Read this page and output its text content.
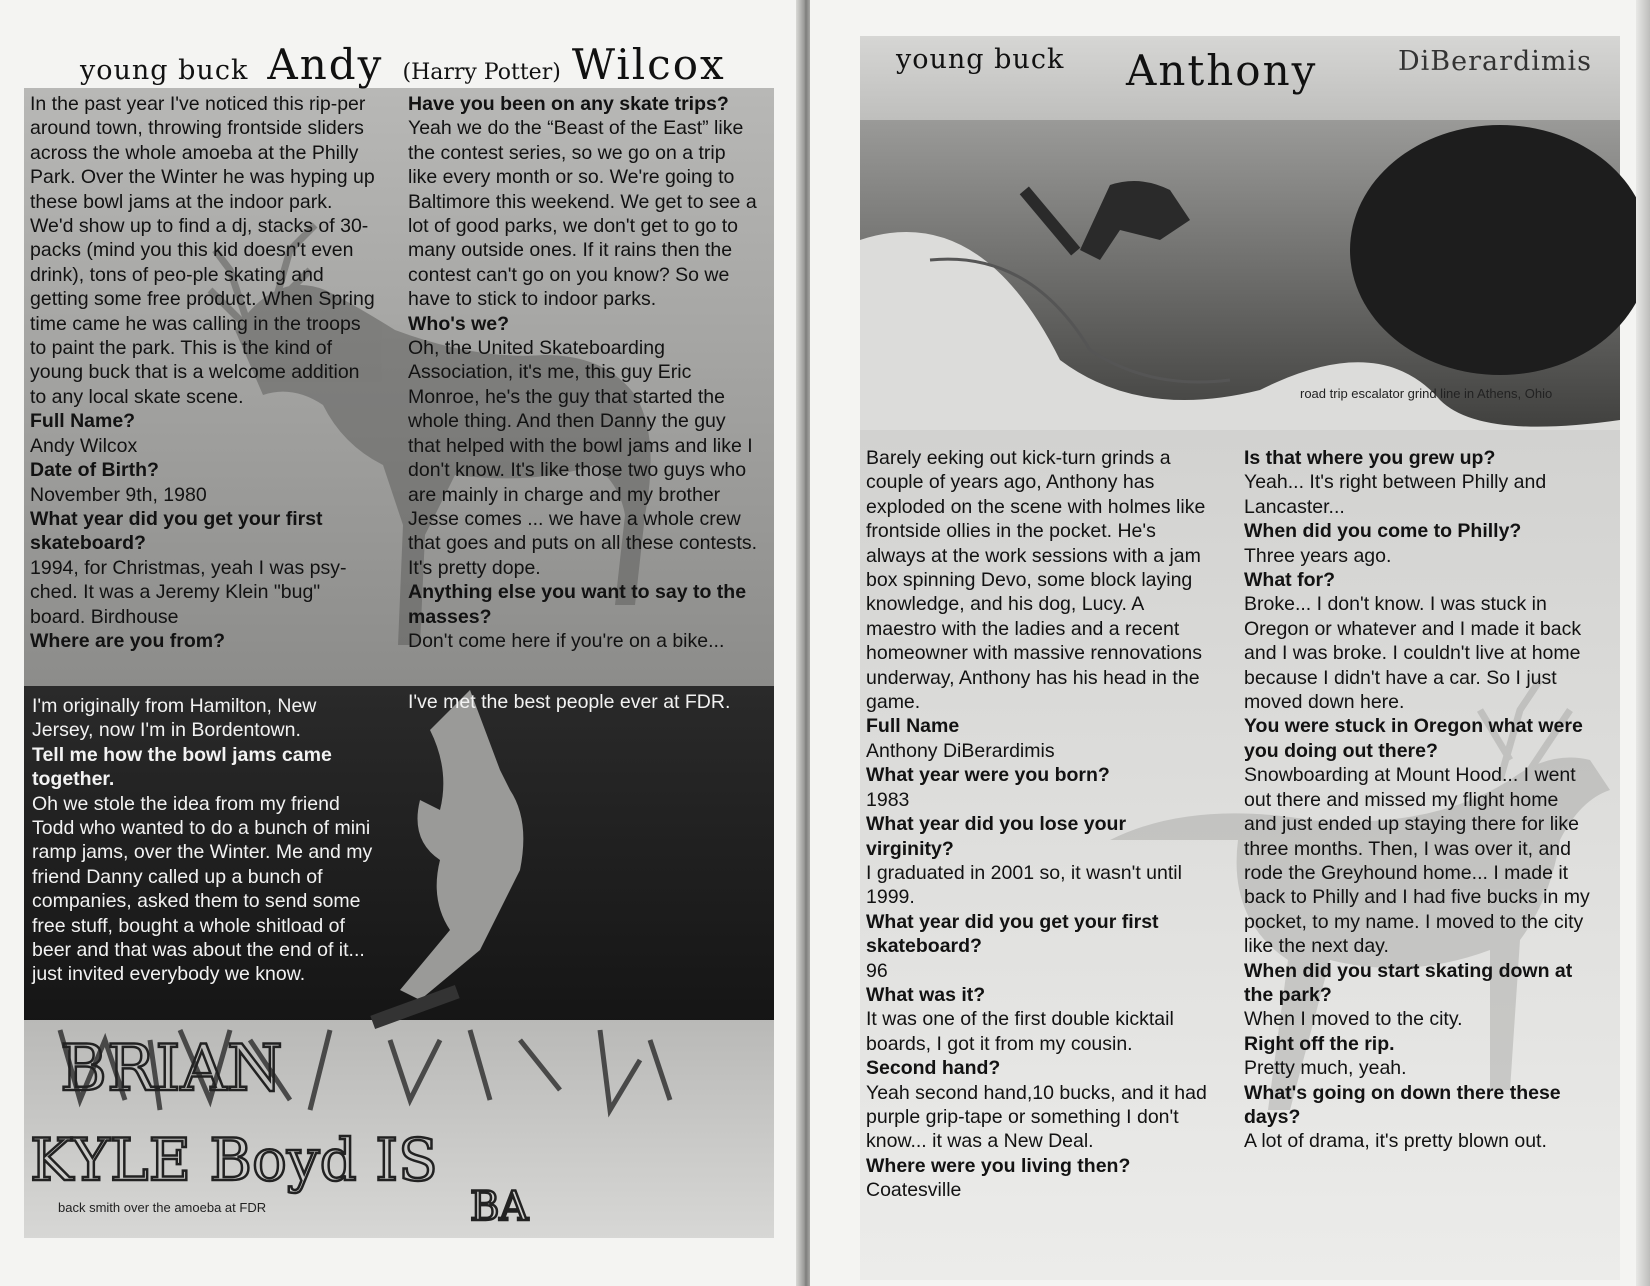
BRIAN
KYLE Boyd IS
BA
young buck Andy (Harry Potter) Wilcox

In the past year I've noticed this rip-per around town, throwing frontside sliders across the whole amoeba at the Philly Park. Over the Winter he was hyping up these bowl jams at the indoor park. We'd show up to find a dj, stacks of 30-packs (mind you this kid doesn't even drink), tons of peo-ple skating and getting some free product. When Spring time came he was calling in the troops to paint the park. This is the kind of young buck that is a welcome addition to any local skate scene.

Full Name?

Andy Wilcox

Date of Birth?

November 9th, 1980

What year did you get your first skateboard?

1994, for Christmas, yeah I was psy-ched. It was a Jeremy Klein "bug" board. Birdhouse

Where are you from?

I'm originally from Hamilton, New Jersey, now I'm in Bordentown.

Tell me how the bowl jams came together.

Oh we stole the idea from my friend Todd who wanted to do a bunch of mini ramp jams, over the Winter. Me and my friend Danny called up a bunch of companies, asked them to send some free stuff, bought a whole shitload of beer and that was about the end of it... just invited everybody we know.

Have you been on any skate trips?

Yeah we do the “Beast of the East” like the contest series, so we go on a trip like every month or so. We're going to Baltimore this weekend. We get to see a lot of good parks, we don't get to go to many outside ones. If it rains then the contest can't go on you know? So we have to stick to indoor parks.

Who's we?

Oh, the United Skateboarding Association, it's me, this guy Eric Monroe, he's the guy that started the whole thing. And then Danny the guy that helped with the bowl jams and like I don't know. It's like those two guys who are mainly in charge and my brother Jesse comes ... we have a whole crew that goes and puts on all these contests. It's pretty dope.

Anything else you want to say to the masses?

Don't come here if you're on a bike...

I've met the best people ever at FDR.
back smith over the amoeba at FDR
young buck Anthony	DiBerardimis
road trip escalator grind line in Athens, Ohio

Barely eeking out kick-turn grinds a couple of years ago, Anthony has exploded on the scene with holmes like frontside ollies in the pocket. He's always at the work sessions with a jam box spinning Devo, some block laying knowledge, and his dog, Lucy. A maestro with the ladies and a recent homeowner with massive rennovations underway, Anthony has his head in the game.

Full Name

Anthony DiBerardimis

What year were you born?

1983

What year did you lose your virginity?

I graduated in 2001 so, it wasn't until 1999.

What year did you get your first skateboard?

96

What was it?

It was one of the first double kicktail boards, I got it from my cousin.

Second hand?

Yeah second hand,10 bucks, and it had purple grip-tape or something I don't know... it was a New Deal.

Where were you living then?

Coatesville

Is that where you grew up?

Yeah... It's right between Philly and Lancaster...

When did you come to Philly?

Three years ago.

What for?

Broke... I don't know. I was stuck in Oregon or whatever and I made it back and I was broke. I couldn't live at home because I didn't have a car. So I just moved down here.

You were stuck in Oregon what were you doing out there?

Snowboarding at Mount Hood... I went out there and missed my flight home and just ended up staying there for like three months. Then, I was over it, and rode the Greyhound home... I made it back to Philly and I had five bucks in my pocket, to my name. I moved to the city like the next day.

When did you start skating down at the park?

When I moved to the city.

Right off the rip.

Pretty much, yeah.

What's going on down there these days?

A lot of drama, it's pretty blown out.
